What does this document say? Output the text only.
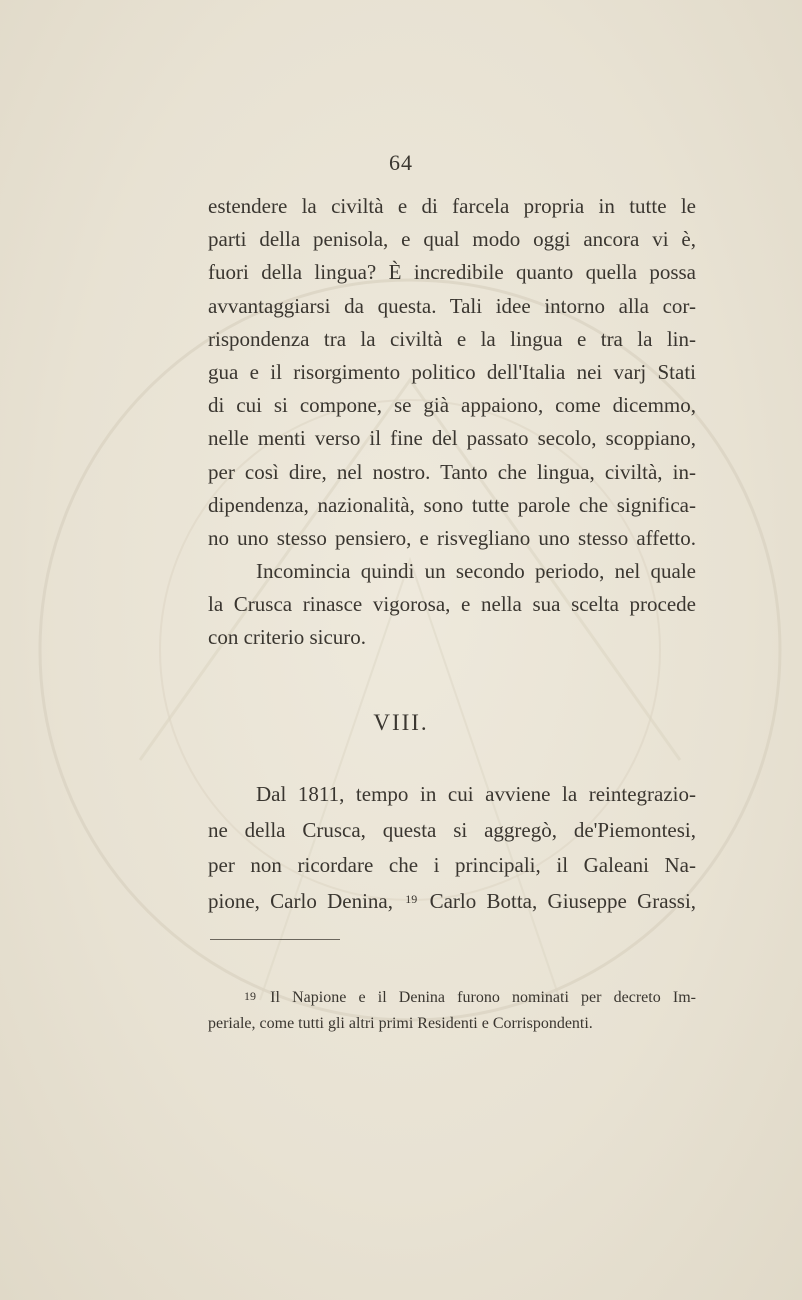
64
estendere la civiltà e di farcela propria in tutte le
parti della penisola, e qual modo oggi ancora vi è,
fuori della lingua? È incredibile quanto quella possa
avvantaggiarsi da questa. Tali idee intorno alla cor-
rispondenza tra la civiltà e la lingua e tra la lin-
gua e il risorgimento politico dell'Italia nei varj Stati
di cui si compone, se già appaiono, come dicemmo,
nelle menti verso il fine del passato secolo, scoppiano,
per così dire, nel nostro. Tanto che lingua, civiltà, in-
dipendenza, nazionalità, sono tutte parole che significa-
no uno stesso pensiero, e risvegliano uno stesso affetto.
Incomincia quindi un secondo periodo, nel quale
la Crusca rinasce vigorosa, e nella sua scelta procede
con criterio sicuro.
VIII.
Dal 1811, tempo in cui avviene la reintegrazio-
ne della Crusca, questa si aggregò, de'Piemontesi,
per non ricordare che i principali, il Galeani Na-
pione, Carlo Denina, $^{19}$ Carlo Botta, Giuseppe Grassi,
$^{19}$ Il Napione e il Denina furono nominati per decreto Im-
periale, come tutti gli altri primi Residenti e Corrispondenti.
